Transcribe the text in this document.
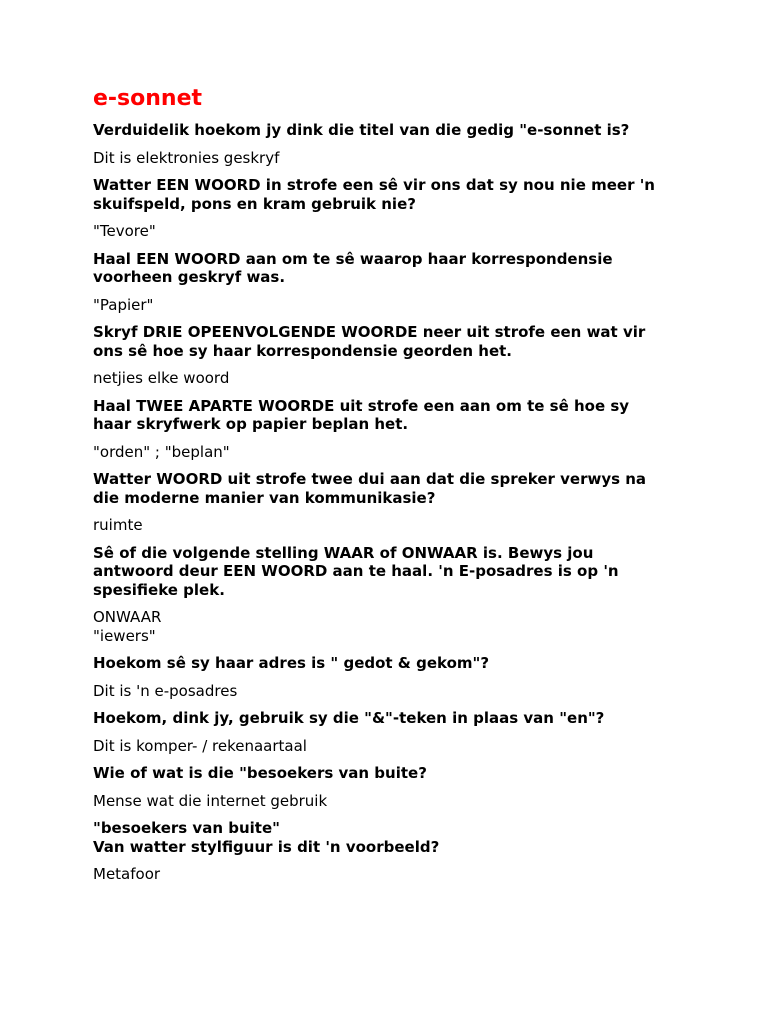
e-sonnet

Verduidelik hoekom jy dink die titel van die gedig "e-sonnet is?

Dit is elektronies geskryf

Watter EEN WOORD in strofe een sê vir ons dat sy nou nie meer 'n
skuifspeld, pons en kram gebruik nie?

"Tevore"

Haal EEN WOORD aan om te sê waarop haar korrespondensie
voorheen geskryf was.

"Papier"

Skryf DRIE OPEENVOLGENDE WOORDE neer uit strofe een wat vir
ons sê hoe sy haar korrespondensie georden het.

netjies elke woord

Haal TWEE APARTE WOORDE uit strofe een aan om te sê hoe sy
haar skryfwerk op papier beplan het.

"orden" ; "beplan"

Watter WOORD uit strofe twee dui aan dat die spreker verwys na
die moderne manier van kommunikasie?

ruimte

Sê of die volgende stelling WAAR of ONWAAR is. Bewys jou
antwoord deur EEN WOORD aan te haal. 'n E-posadres is op 'n
spesifieke plek.

ONWAAR
"iewers"

Hoekom sê sy haar adres is " gedot & gekom"?

Dit is 'n e-posadres

Hoekom, dink jy, gebruik sy die "&"-teken in plaas van "en"?

Dit is komper- / rekenaartaal

Wie of wat is die "besoekers van buite?

Mense wat die internet gebruik

"besoekers van buite"
Van watter stylfiguur is dit 'n voorbeeld?

Metafoor
